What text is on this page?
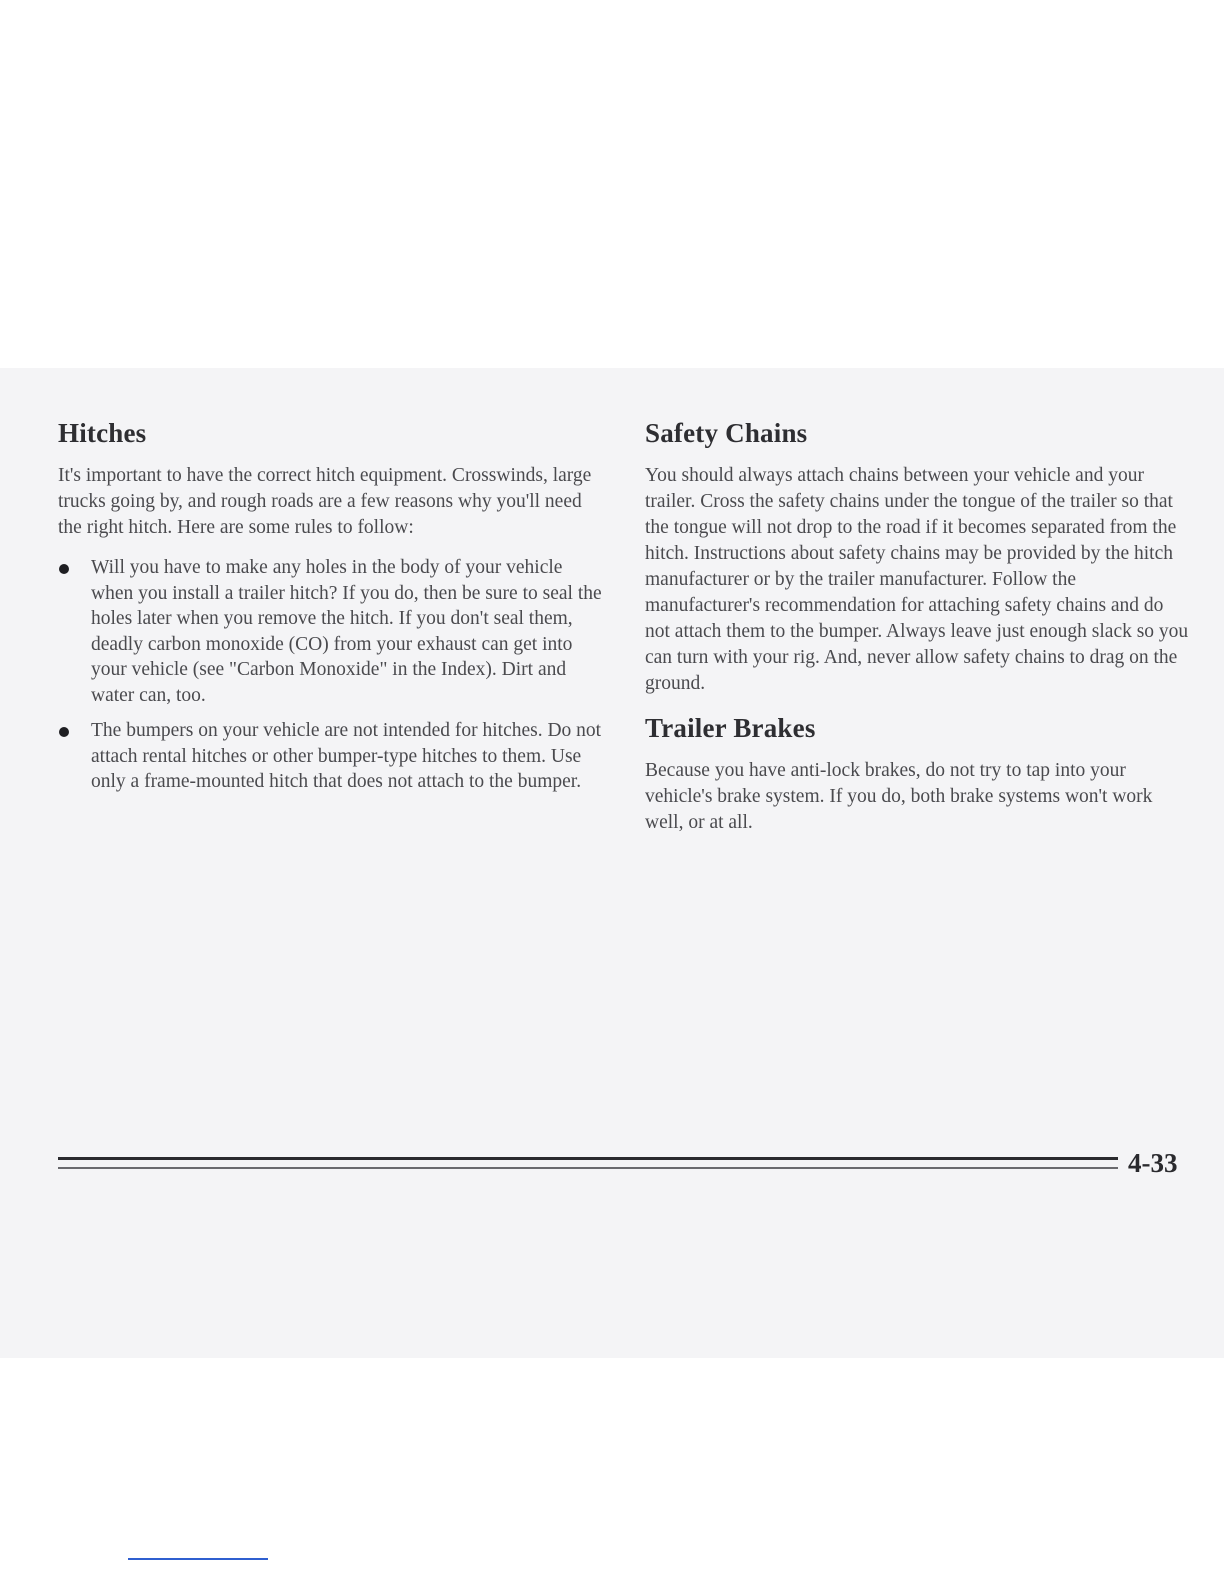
Hitches

It's important to have the correct hitch equipment. Crosswinds, large trucks going by, and rough roads are a few reasons why you'll need the right hitch. Here are some rules to follow:

Will you have to make any holes in the body of your vehicle when you install a trailer hitch? If you do, then be sure to seal the holes later when you remove the hitch. If you don't seal them, deadly carbon monoxide (CO) from your exhaust can get into your vehicle (see "Carbon Monoxide" in the Index). Dirt and water can, too.
The bumpers on your vehicle are not intended for hitches. Do not attach rental hitches or other bumper-type hitches to them. Use only a frame-mounted hitch that does not attach to the bumper.
Safety Chains

You should always attach chains between your vehicle and your trailer. Cross the safety chains under the tongue of the trailer so that the tongue will not drop to the road if it becomes separated from the hitch. Instructions about safety chains may be provided by the hitch manufacturer or by the trailer manufacturer. Follow the manufacturer's recommendation for attaching safety chains and do not attach them to the bumper. Always leave just enough slack so you can turn with your rig. And, never allow safety chains to drag on the ground.

Trailer Brakes

Because you have anti-lock brakes, do not try to tap into your vehicle's brake system. If you do, both brake systems won't work well, or at all.

4-33
